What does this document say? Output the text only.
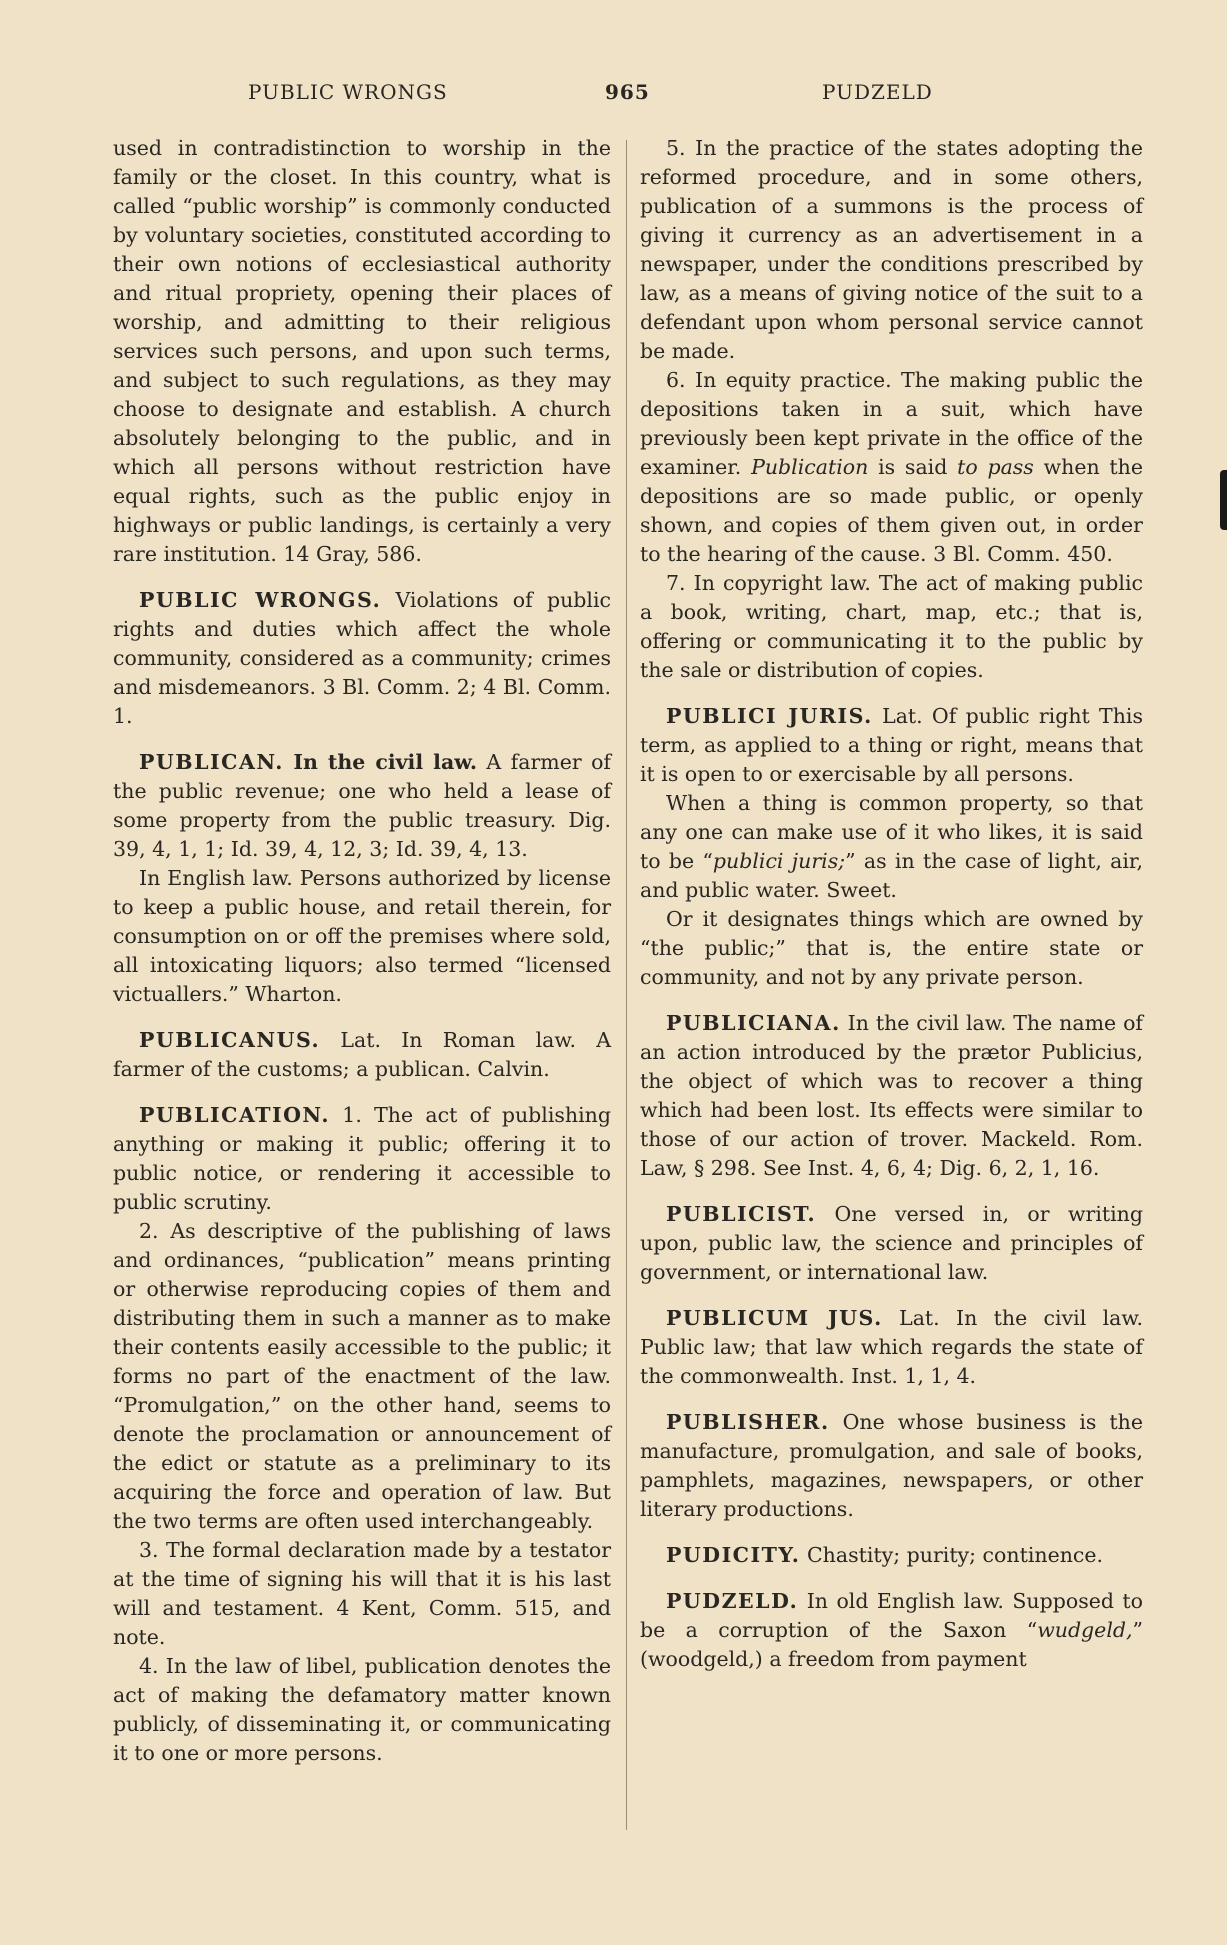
PUBLIC WRONGS	965	PUDZELD

used in contradistinction to worship in the family or the closet. In this country, what is called “public worship” is commonly conducted by voluntary societies, constituted according to their own notions of ecclesiastical authority and ritual propriety, opening their places of worship, and admitting to their religious services such persons, and upon such terms, and subject to such regulations, as they may choose to designate and establish. A church absolutely belonging to the public, and in which all persons without restriction have equal rights, such as the public enjoy in highways or public landings, is certainly a very rare institution. 14 Gray, 586.

PUBLIC WRONGS. Violations of public rights and duties which affect the whole community, considered as a community; crimes and misdemeanors. 3 Bl. Comm. 2; 4 Bl. Comm. 1.

PUBLICAN. In the civil law. A farmer of the public revenue; one who held a lease of some property from the public treasury. Dig. 39, 4, 1, 1; Id. 39, 4, 12, 3; Id. 39, 4, 13.

In English law. Persons authorized by license to keep a public house, and retail therein, for consumption on or off the premises where sold, all intoxicating liquors; also termed “licensed victuallers.” Wharton.

PUBLICANUS. Lat. In Roman law. A farmer of the customs; a publican. Calvin.

PUBLICATION. 1. The act of publishing anything or making it public; offering it to public notice, or rendering it accessible to public scrutiny.

2. As descriptive of the publishing of laws and ordinances, “publication” means printing or otherwise reproducing copies of them and distributing them in such a manner as to make their contents easily accessible to the public; it forms no part of the enactment of the law. “Promulgation,” on the other hand, seems to denote the proclamation or announcement of the edict or statute as a preliminary to its acquiring the force and operation of law. But the two terms are often used interchangeably.

3. The formal declaration made by a testator at the time of signing his will that it is his last will and testament. 4 Kent, Comm. 515, and note.

4. In the law of libel, publication denotes the act of making the defamatory matter known publicly, of disseminating it, or communicating it to one or more persons.

5. In the practice of the states adopting the reformed procedure, and in some others, publication of a summons is the process of giving it currency as an advertisement in a newspaper, under the conditions prescribed by law, as a means of giving notice of the suit to a defendant upon whom personal service cannot be made.

6. In equity practice. The making public the depositions taken in a suit, which have previously been kept private in the office of the examiner. Publication is said to pass when the depositions are so made public, or openly shown, and copies of them given out, in order to the hearing of the cause. 3 Bl. Comm. 450.

7. In copyright law. The act of making public a book, writing, chart, map, etc.; that is, offering or communicating it to the public by the sale or distribution of copies.

PUBLICI JURIS. Lat. Of public right This term, as applied to a thing or right, means that it is open to or exercisable by all persons.

When a thing is common property, so that any one can make use of it who likes, it is said to be “publici juris;” as in the case of light, air, and public water. Sweet.

Or it designates things which are owned by “the public;” that is, the entire state or community, and not by any private person.

PUBLICIANA. In the civil law. The name of an action introduced by the prætor Publicius, the object of which was to recover a thing which had been lost. Its effects were similar to those of our action of trover. Mackeld. Rom. Law, § 298. See Inst. 4, 6, 4; Dig. 6, 2, 1, 16.

PUBLICIST. One versed in, or writing upon, public law, the science and principles of government, or international law.

PUBLICUM JUS. Lat. In the civil law. Public law; that law which regards the state of the commonwealth. Inst. 1, 1, 4.

PUBLISHER. One whose business is the manufacture, promulgation, and sale of books, pamphlets, magazines, newspapers, or other literary productions.

PUDICITY. Chastity; purity; continence.

PUDZELD. In old English law. Supposed to be a corruption of the Saxon “wudgeld,” (woodgeld,) a freedom from payment
